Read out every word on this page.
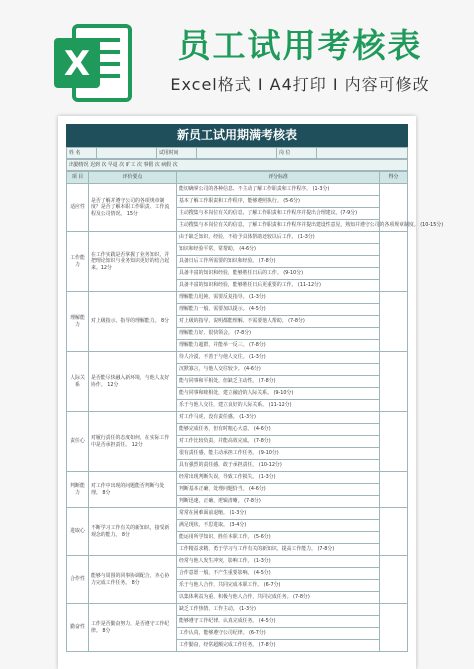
X	员工试用考核表
Excel格式 Ⅰ A4打印 Ⅰ 内容可修改
新员工试用期满考核表
姓 名		试用时间		岗 位	
出勤情况 迟到 次 早退 次 旷工 次 事假 次 病假 次
项 目	评价要点	评分标准	得分
适应性	是否了解并遵守公司的各项规章制度？是否了解本职工作职责、工作流程及公司情况。 15分	能切确掌公司的各种信息、不主动了解工作职责和工作程序。 (1-3分)	
		基本了解工作职责和工作程序，能够遵照执行。 (5-6分)	
		主动搜集与本岗位有关的信息，了解工作职责和工作程序并提出合理建议。(7-9分)	
		主动搜集与本岗位有关的信息，了解工作职责和工作程序并提出建设性意见，熟知并遵守公司的各项规章制度。 (10-15分)	
工作能力	在工作实践是否掌握了业务知识，并把理论知识与业务知识更好的结合起来。12分	由于缺乏知识，经验，不给予具体帮助还较以后工作。 (1-3分)	
		知识和经验平常，常帮助。 (4-6分)	
		具备日后工作所需要的知识和经验。 (7-8分)	
		具备丰富的知识和经验，能够胜任日后的工作。 (9-10分)	
		具备丰富的知识和经验，能够胜任日后更重要的工作。 (11-12分)	
理解能力	对上级指示、指导的理解能力。 8分	理解能力迟钝，需要反复指导。 (1-3分)	
		理解能力一般，需要加以提示。 (4-5分)	
		对上级的指导，说明都能理解，不需要他人帮助。 (7-8分)	
		理解能力好，很快领会。 (7-8分)	
		理解能力超群，并能举一反三。 (7-8分)	
人际关系	是否能尽快融入新环境，与他人友好协作。 12分	待人冷漠，不善于与他人交往。 (1-3分)	
		沉默寡言，与他人交往较少。 (4-6分)	
		能与同事和平相处，但缺乏主动性。 (7-8分)	
		能与同事和睦相处，建立融洽的人际关系。 (9-10分)	
		乐于与他人交往，建立良好的人际关系。 (11-12分)	
责任心	对履行责任的态度如何，在实际工作中是否承担责任。 12分	对工作马虎，没有责任感。 (1-3分)	
		能够完成任务，但有时粗心大意。 (4-6分)	
		对工作比较负责，并能高效完成。 (7-8分)	
		很有责任感，能主动承担工作任务。 (9-10分)	
		具有强烈的责任感，敢于承担责任。 (10-12分)	
判断能力	对工作中出现的问题能否判断与处理。 8分	经常出现判断失误，导致工作损失。 (1-3分)	
		判断基本正确，处理问题恰当。 (4-6分)	
		判断迅速，正确，逻辑清晰。 (7-8分)	
进取心	不断学习工作有关的新知识，接受新观念的能力。 8分	常常在困难面前退缩。 (1-3分)	
		满足现状，不思进取。 (3-4分)	
		能运用所学知识，胜任本职工作。 (5-6分)	
		工作精益求精，勇于学习与工作有关的新知识，提高工作能力。 (7-8分)	
合作性	能够与周围的同事协调配合，齐心协力完成工作任务。 8分	经常与他人发生冲突，影响工作。 (1-3分)	
		合作意愿一般，不产生重要影响。 (4-5分)	
		乐于与他人合作，共同完成本职工作。 (6-7分)	
		以集体利益为重，积极与他人合作，共同完成任务。 (7-8分)	
勤奋性	工作是否勤奋努力，是否遵守工作纪律。 8分	缺乏工作热情，工作主动。 (1-3分)	
		能够遵守工作纪律，认真完成任务。 (4-5分)	
		工作认真，能够遵守公司纪律。 (6-7分)	
		工作勤奋，经常超额完成工作任务。 (7-8分)	
